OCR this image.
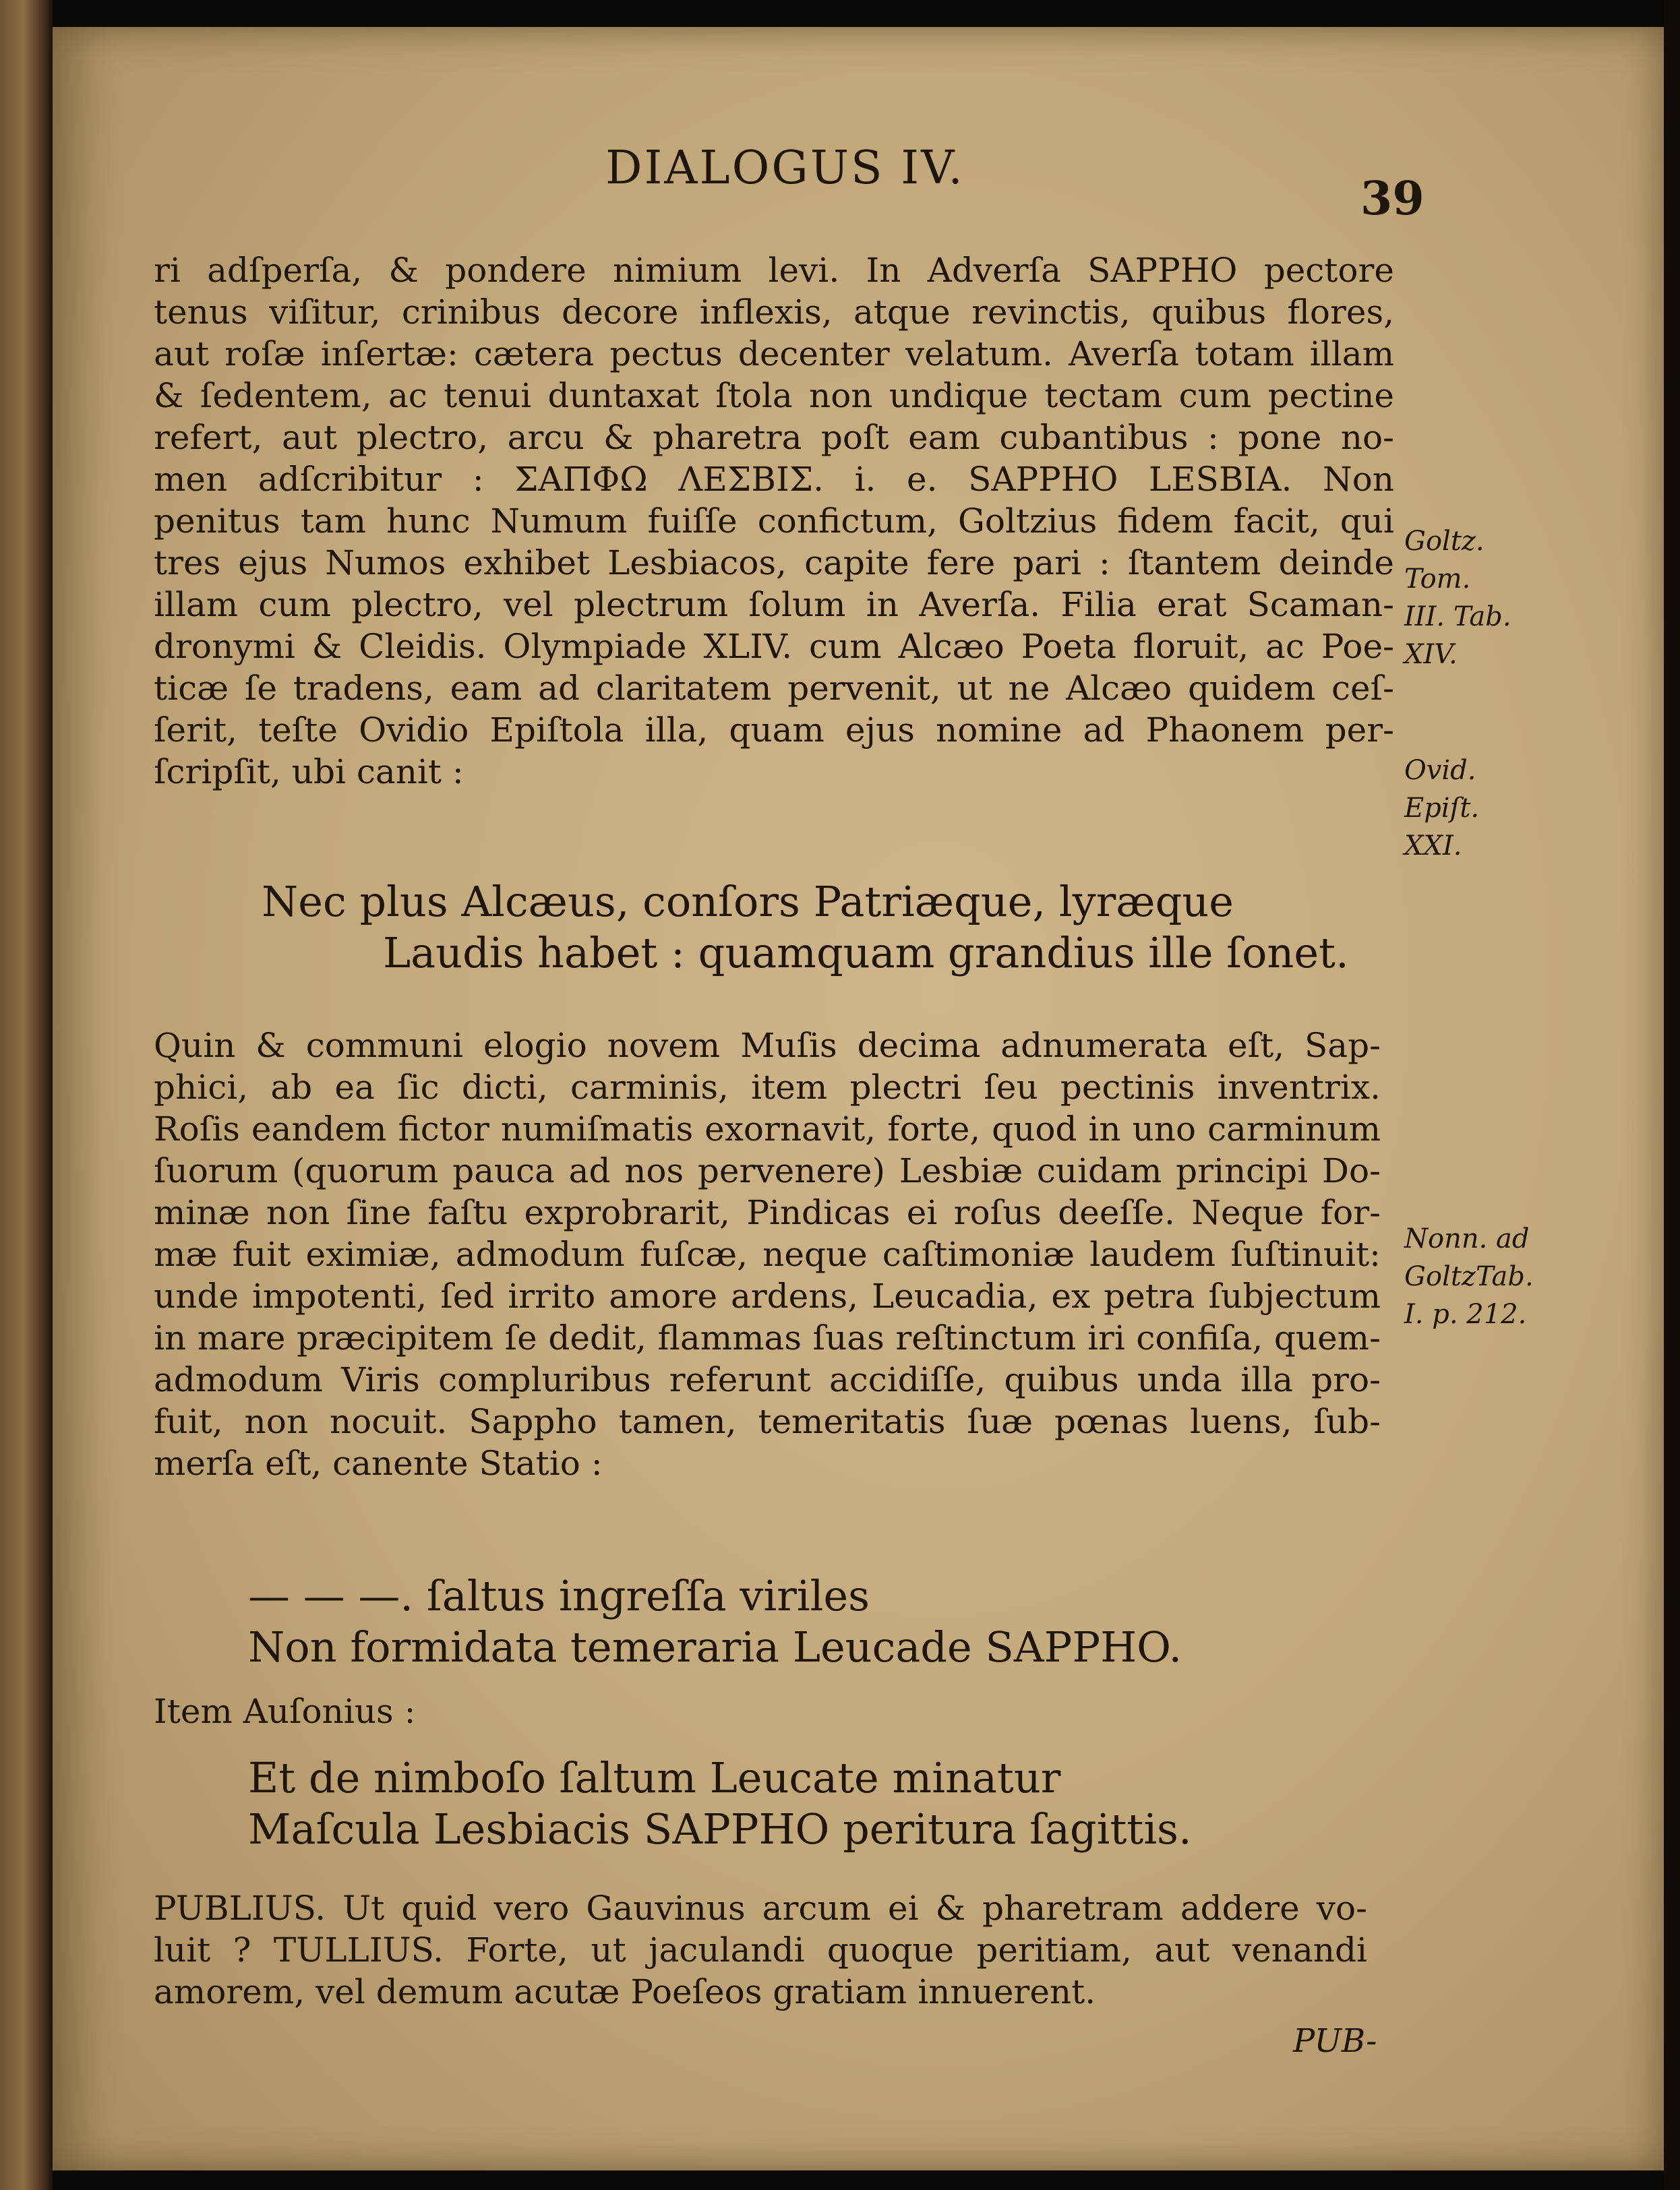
DIALOGUS IV.
39
ri adſperſa, & pondere nimium levi. In Adverſa SAPPHO pectore
tenus viſitur, crinibus decore inflexis, atque revinctis, quibus flores,
aut roſæ inſertæ: cætera pectus decenter velatum. Averſa totam illam
& ſedentem, ac tenui duntaxat ſtola non undique tectam cum pectine
refert, aut plectro, arcu & pharetra poſt eam cubantibus : pone no-
men adſcribitur : ΣΑΠΦΩ ΛΕΣΒΙΣ. i. e. SAPPHO LESBIA. Non
penitus tam hunc Numum fuiſſe confictum, Goltzius fidem facit, qui
tres ejus Numos exhibet Lesbiacos, capite fere pari : ſtantem deinde
illam cum plectro, vel plectrum ſolum in Averſa. Filia erat Scaman-
dronymi & Cleidis. Olympiade XLIV. cum Alcæo Poeta floruit, ac Poe-
ticæ ſe tradens, eam ad claritatem pervenit, ut ne Alcæo quidem ceſ-
ſerit, teſte Ovidio Epiſtola illa, quam ejus nomine ad Phaonem per-
ſcripſit, ubi canit :
Goltz.
Tom.
III. Tab.
XIV.
Ovid.
Epiſt.
XXI.
Nec plus Alcæus, conſors Patriæque, lyræque
Laudis habet : quamquam grandius ille ſonet.
Quin & communi elogio novem Muſis decima adnumerata eſt, Sap-
phici, ab ea ſic dicti, carminis, item plectri ſeu pectinis inventrix.
Roſis eandem fictor numiſmatis exornavit, forte, quod in uno carminum
ſuorum (quorum pauca ad nos pervenere) Lesbiæ cuidam principi Do-
minæ non ſine faſtu exprobrarit, Pindicas ei roſus deeſſe. Neque for-
mæ fuit eximiæ, admodum fuſcæ, neque caſtimoniæ laudem ſuſtinuit:
unde impotenti, ſed irrito amore ardens, Leucadia, ex petra ſubjectum
in mare præcipitem ſe dedit, flammas ſuas reſtinctum iri confiſa, quem-
admodum Viris compluribus referunt accidiſſe, quibus unda illa pro-
fuit, non nocuit. Sappho tamen, temeritatis ſuæ pœnas luens, ſub-
merſa eſt, canente Statio :
Nonn. ad
GoltzTab.
I. p. 212.
— — —. ſaltus ingreſſa viriles
Non formidata temeraria Leucade SAPPHO.
Item Auſonius :
Et de nimboſo ſaltum Leucate minatur
Maſcula Lesbiacis SAPPHO peritura ſagittis.
PUBLIUS. Ut quid vero Gauvinus arcum ei & pharetram addere vo-
luit ? TULLIUS. Forte, ut jaculandi quoque peritiam, aut venandi
amorem, vel demum acutæ Poeſeos gratiam innuerent.
PUB-
